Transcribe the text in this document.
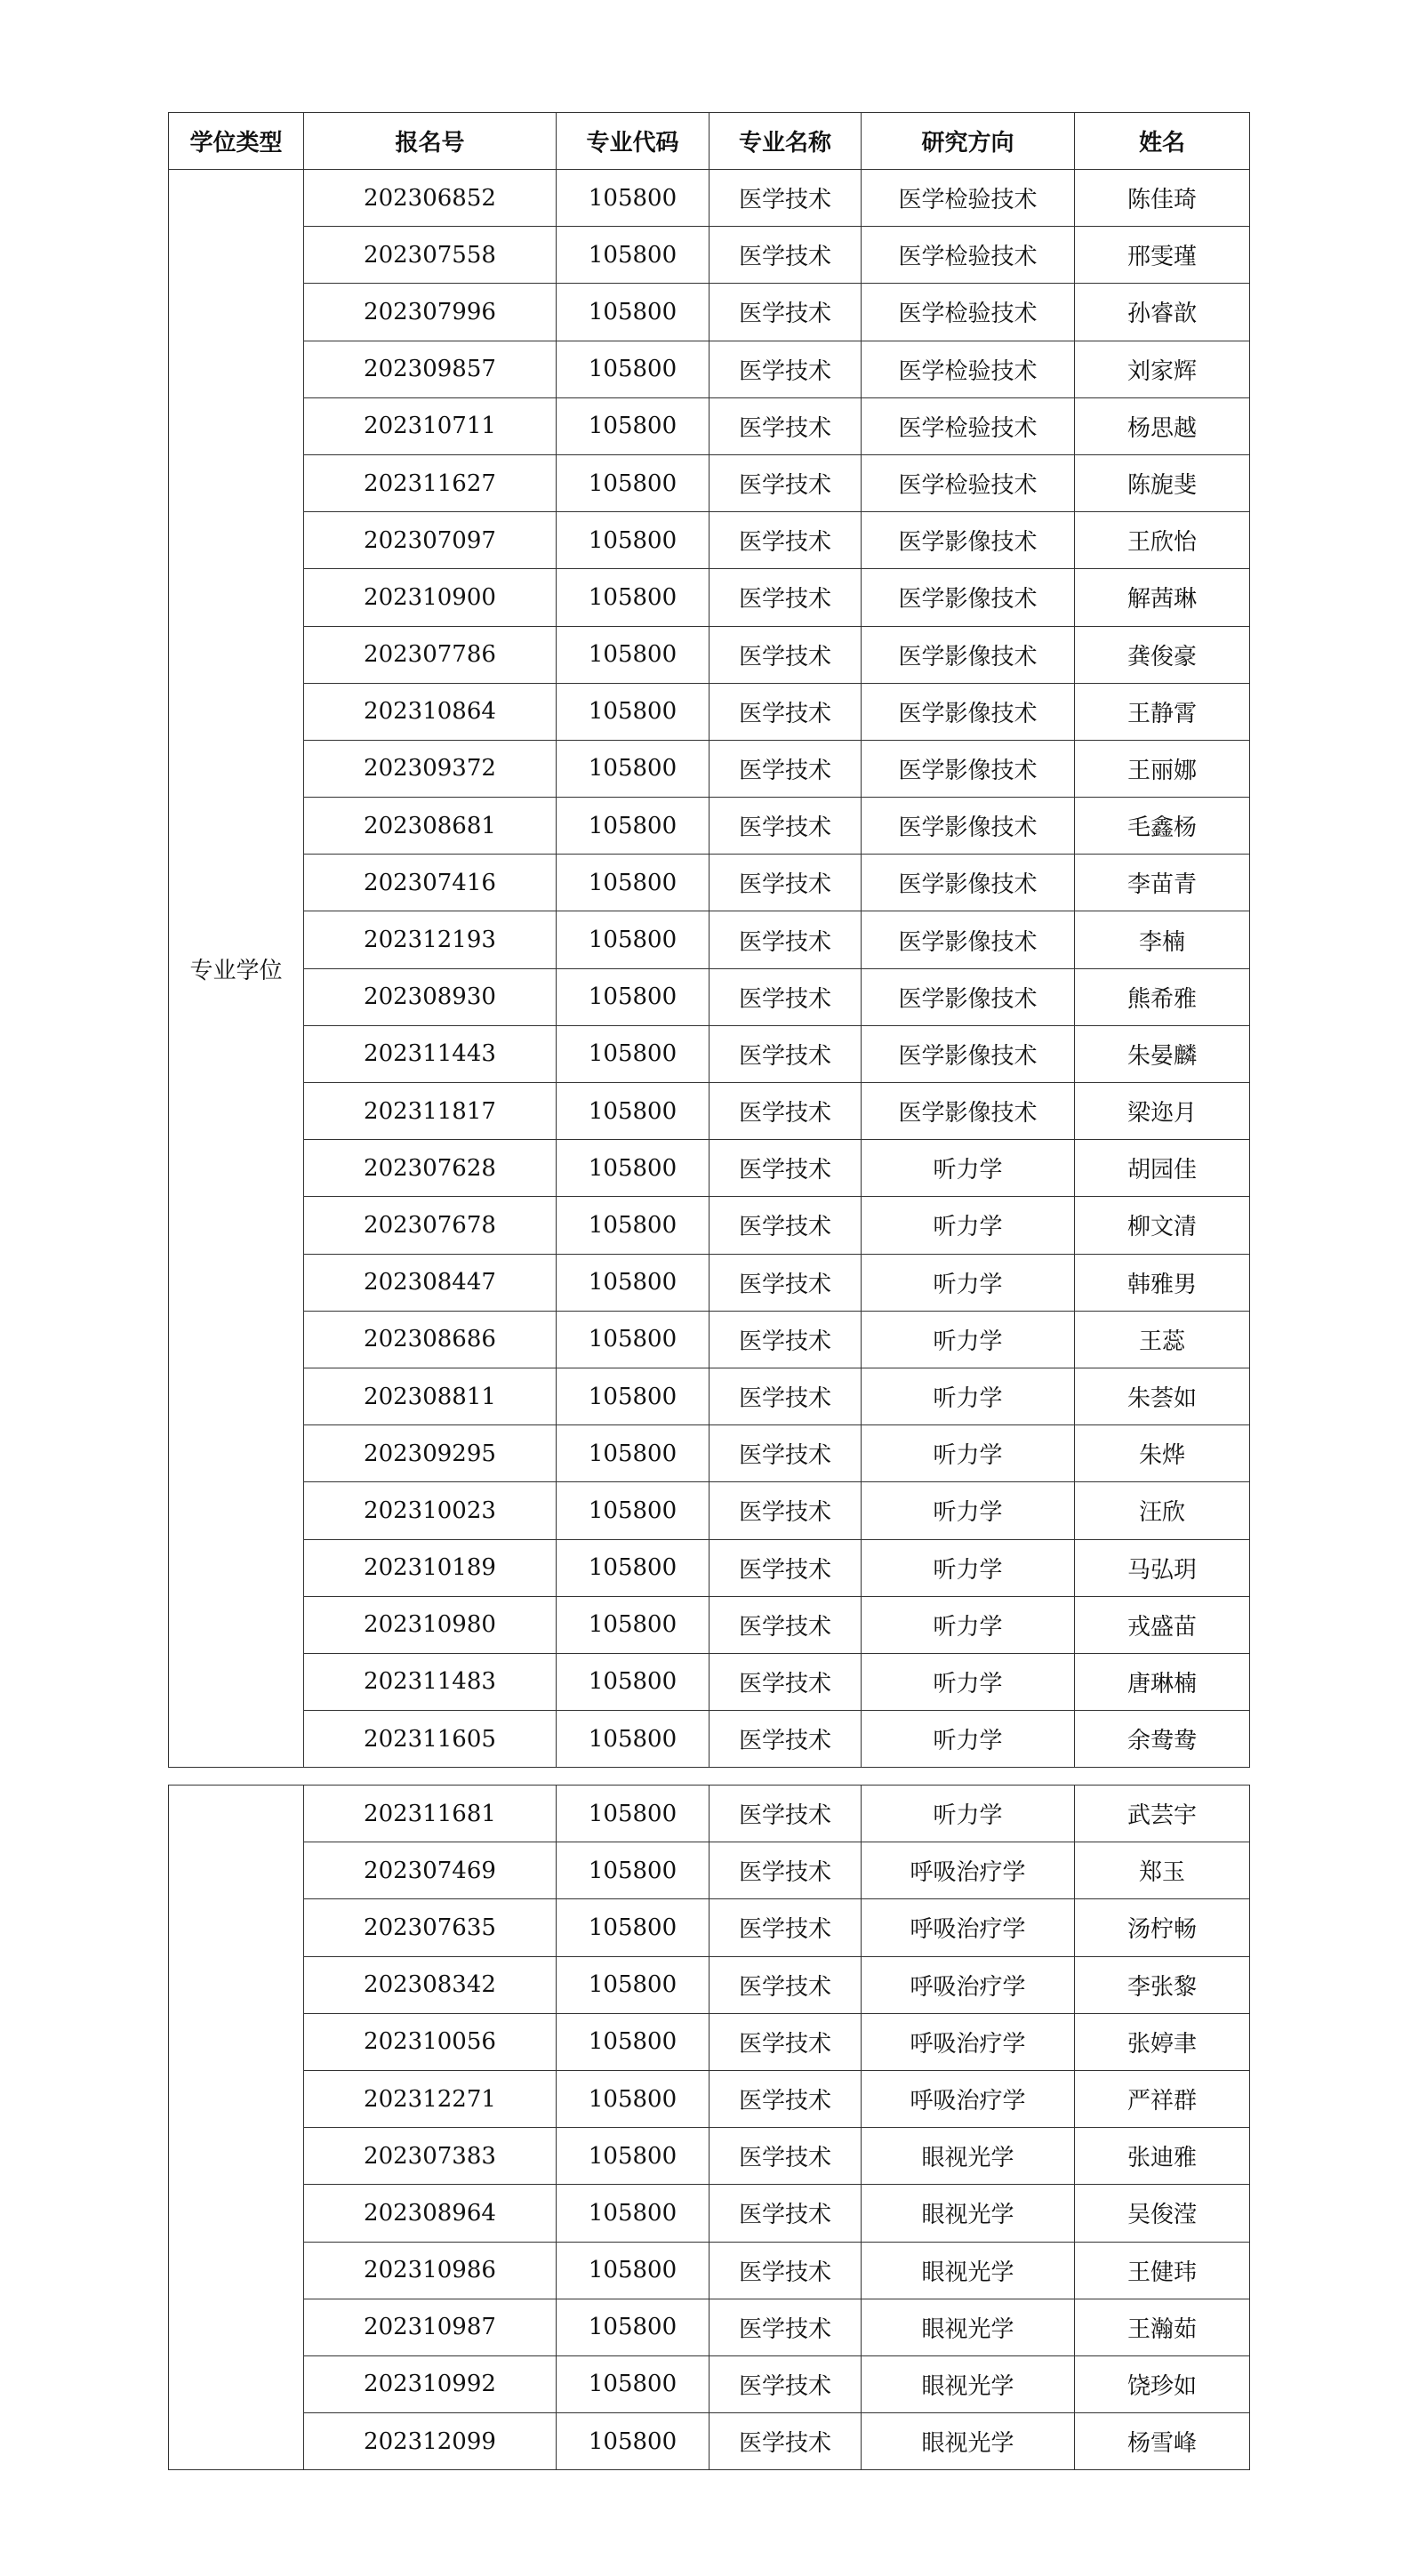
学位类型	报名号	专业代码	专业名称	研究方向	姓名
专业学位	202306852	105800	医学技术	医学检验技术	陈佳琦
	202307558	105800	医学技术	医学检验技术	邢雯瑾
	202307996	105800	医学技术	医学检验技术	孙睿歆
	202309857	105800	医学技术	医学检验技术	刘家辉
	202310711	105800	医学技术	医学检验技术	杨思越
	202311627	105800	医学技术	医学检验技术	陈旎斐
	202307097	105800	医学技术	医学影像技术	王欣怡
	202310900	105800	医学技术	医学影像技术	解茜琳
	202307786	105800	医学技术	医学影像技术	龚俊豪
	202310864	105800	医学技术	医学影像技术	王静霄
	202309372	105800	医学技术	医学影像技术	王丽娜
	202308681	105800	医学技术	医学影像技术	毛鑫杨
	202307416	105800	医学技术	医学影像技术	李苗青
	202312193	105800	医学技术	医学影像技术	李楠
	202308930	105800	医学技术	医学影像技术	熊希雅
	202311443	105800	医学技术	医学影像技术	朱晏麟
	202311817	105800	医学技术	医学影像技术	梁迩月
	202307628	105800	医学技术	听力学	胡园佳
	202307678	105800	医学技术	听力学	柳文清
	202308447	105800	医学技术	听力学	韩雅男
	202308686	105800	医学技术	听力学	王蕊
	202308811	105800	医学技术	听力学	朱荟如
	202309295	105800	医学技术	听力学	朱烨
	202310023	105800	医学技术	听力学	汪欣
	202310189	105800	医学技术	听力学	马弘玥
	202310980	105800	医学技术	听力学	戎盛苗
	202311483	105800	医学技术	听力学	唐琳楠
	202311605	105800	医学技术	听力学	余鸯鸯
	202311681	105800	医学技术	听力学	武芸宇
	202307469	105800	医学技术	呼吸治疗学	郑玉
	202307635	105800	医学技术	呼吸治疗学	汤柠畅
	202308342	105800	医学技术	呼吸治疗学	李张黎
	202310056	105800	医学技术	呼吸治疗学	张婷聿
	202312271	105800	医学技术	呼吸治疗学	严祥群
	202307383	105800	医学技术	眼视光学	张迪雅
	202308964	105800	医学技术	眼视光学	吴俊滢
	202310986	105800	医学技术	眼视光学	王健玮
	202310987	105800	医学技术	眼视光学	王瀚茹
	202310992	105800	医学技术	眼视光学	饶珍如
	202312099	105800	医学技术	眼视光学	杨雪峰
